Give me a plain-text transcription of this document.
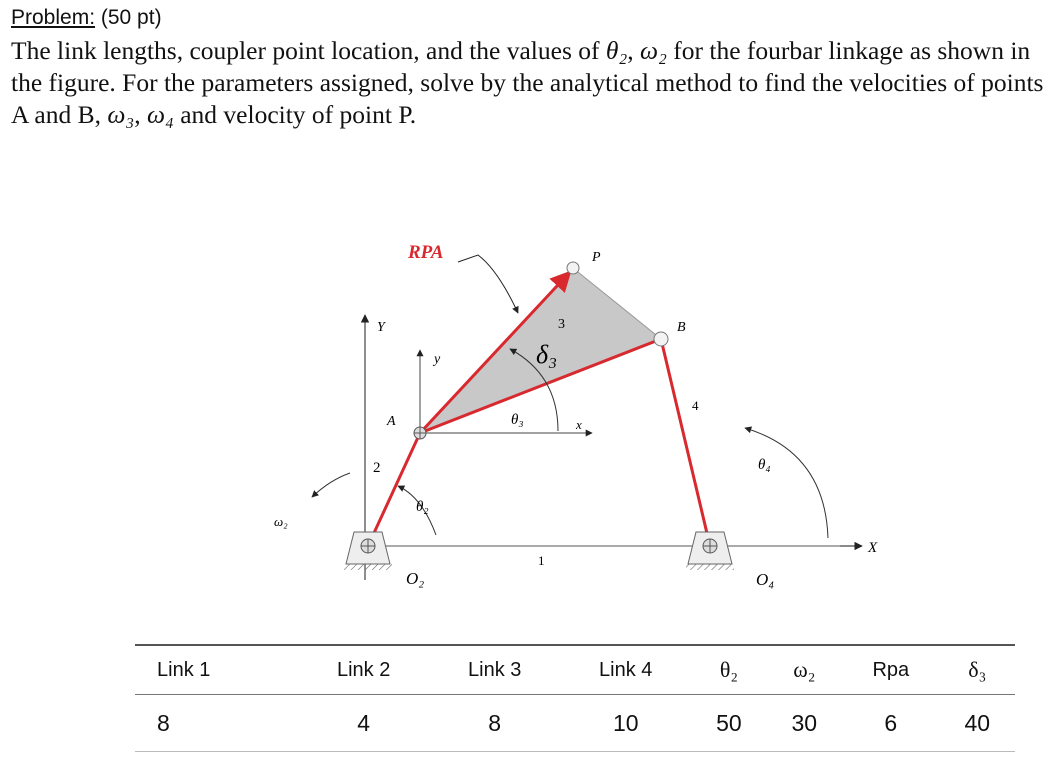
Problem: (50 pt)

The link lengths, coupler point location, and the values of θ₂, ω₂ for the fourbar linkage as shown in the figure. For the parameters assigned, solve by the analytical method to find the velocities of points A and B, ω₃, ω₄ and velocity of point P.

RPA	P
B
A
Y
y
x
X
1
2
3
4
δ₃
θ₂
θ₃
θ₄
ω₂
O₂	O₄
Link 1	Link 2	Link 3	Link 4	θ₂	ω₂	Rpa	δ₃
8	4	8	10	50	30	6	40
